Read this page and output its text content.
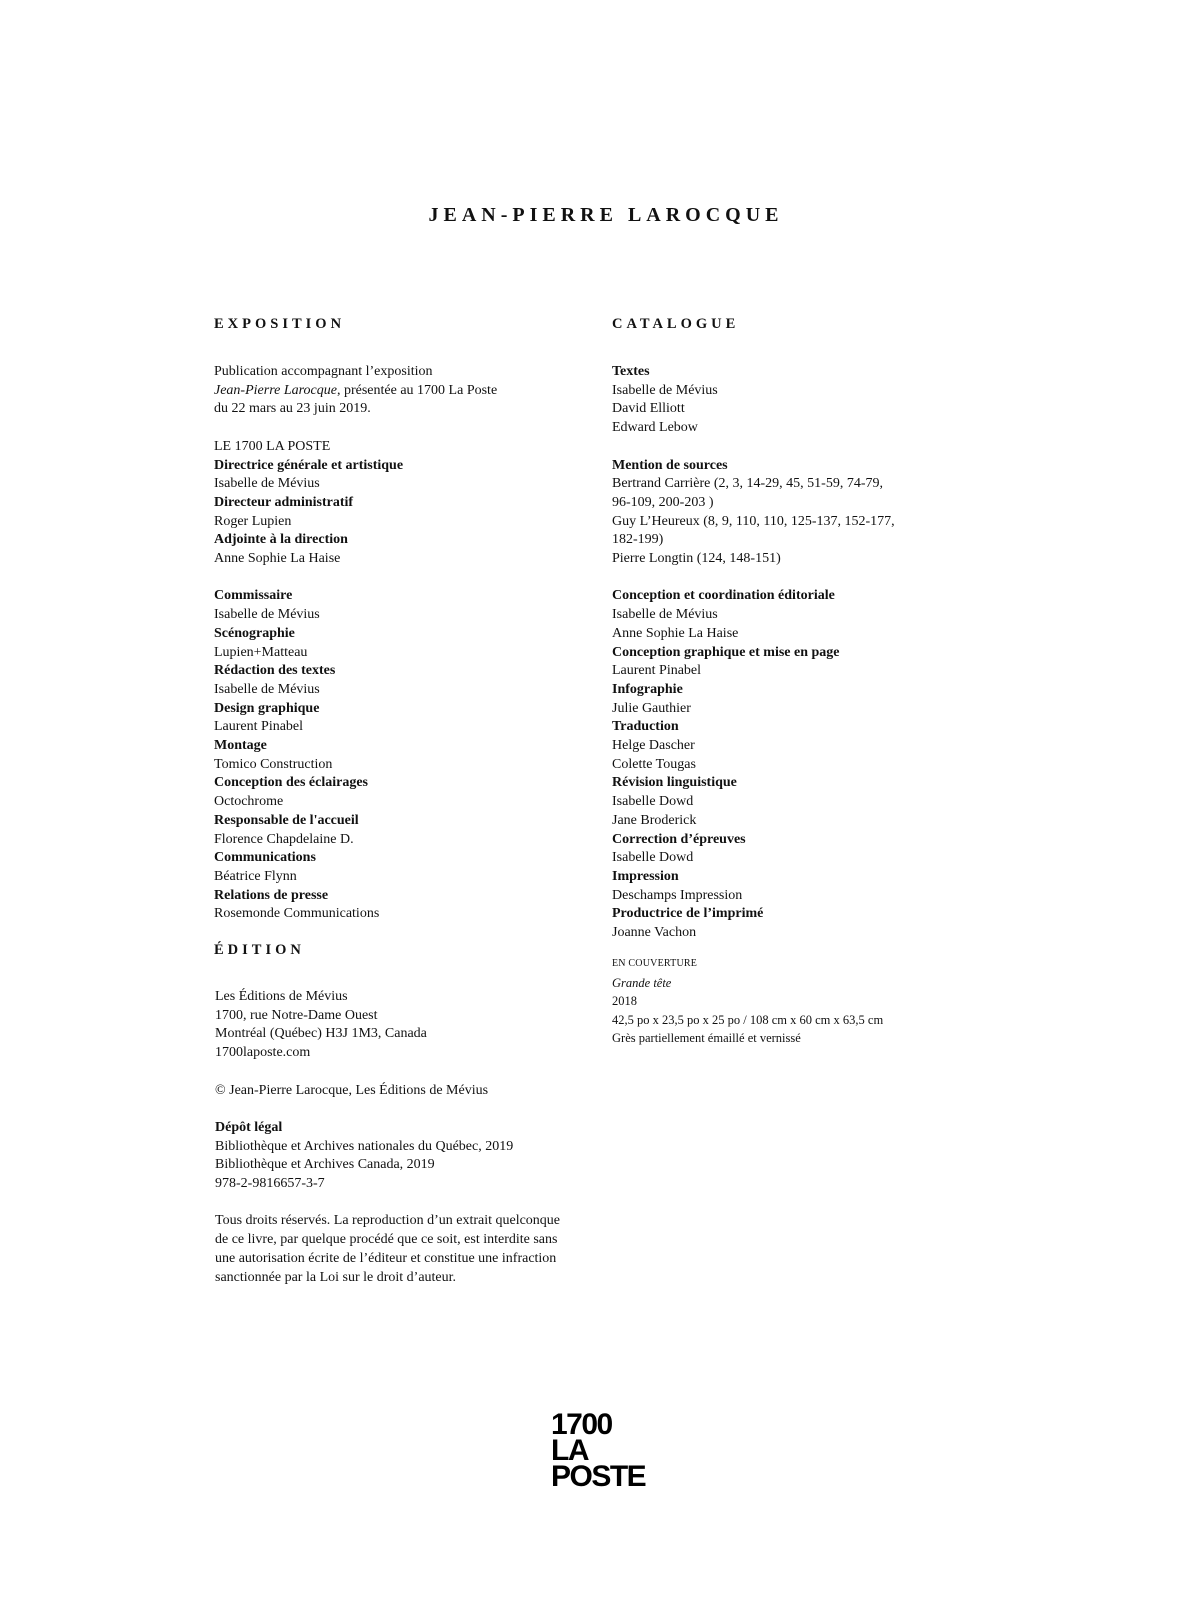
JEAN-PIERRE LAROCQUE
EXPOSITION
Publication accompagnant l’exposition
Jean-Pierre Larocque, présentée au 1700 La Poste
du 22 mars au 23 juin 2019.
LE 1700 LA POSTE
Directrice générale et artistique
Isabelle de Mévius
Directeur administratif
Roger Lupien
Adjointe à la direction
Anne Sophie La Haise
Commissaire
Isabelle de Mévius
Scénographie
Lupien+Matteau
Rédaction des textes
Isabelle de Mévius
Design graphique
Laurent Pinabel
Montage
Tomico Construction
Conception des éclairages
Octochrome
Responsable de l'accueil
Florence Chapdelaine D.
Communications
Béatrice Flynn
Relations de presse
Rosemonde Communications
ÉDITION
Les Éditions de Mévius
1700, rue Notre-Dame Ouest
Montréal (Québec) H3J 1M3, Canada
1700laposte.com
© Jean-Pierre Larocque, Les Éditions de Mévius
Dépôt légal
Bibliothèque et Archives nationales du Québec, 2019
Bibliothèque et Archives Canada, 2019
978-2-9816657-3-7
Tous droits réservés. La reproduction d’un extrait quelconque
de ce livre, par quelque procédé que ce soit, est interdite sans
une autorisation écrite de l’éditeur et constitue une infraction
sanctionnée par la Loi sur le droit d’auteur.
CATALOGUE
Textes
Isabelle de Mévius
David Elliott
Edward Lebow
Mention de sources
Bertrand Carrière (2, 3, 14-29, 45, 51-59, 74-79,
96-109, 200-203 )
Guy L’Heureux (8, 9, 110, 110, 125-137, 152-177,
182-199)
Pierre Longtin (124, 148-151)
Conception et coordination éditoriale
Isabelle de Mévius
Anne Sophie La Haise
Conception graphique et mise en page
Laurent Pinabel
Infographie
Julie Gauthier
Traduction
Helge Dascher
Colette Tougas
Révision linguistique
Isabelle Dowd
Jane Broderick
Correction d’épreuves
Isabelle Dowd
Impression
Deschamps Impression
Productrice de l’imprimé
Joanne Vachon
EN COUVERTURE
Grande tête
2018
42,5 po x 23,5 po x 25 po / 108 cm x 60 cm x 63,5 cm
Grès partiellement émaillé et vernissé
1700
LA
POSTE
